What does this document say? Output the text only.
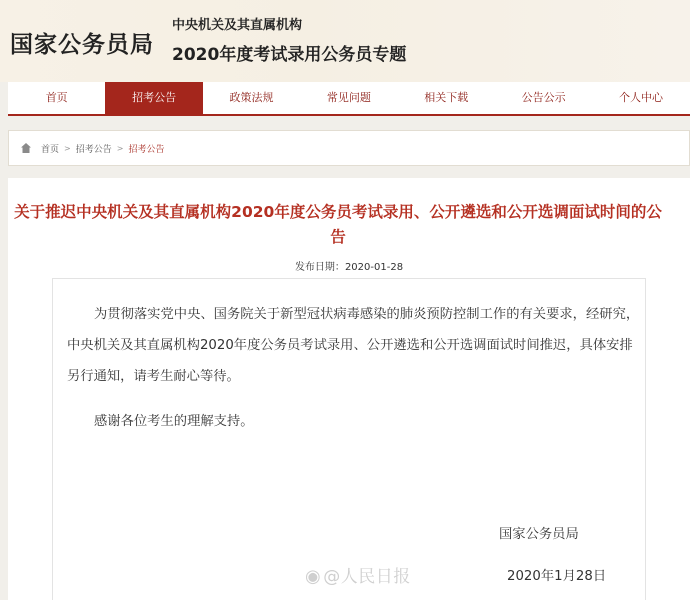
国家公务员局
中央机关及其直属机构
2020年度考试录用公务员专题
首页	招考公告	政策法规	常见问题	相关下载	公告公示	个人中心
首页 > 招考公告 > 招考公告
关于推迟中央机关及其直属机构2020年度公务员考试录用、公开遴选和公开选调面试时间的公告
发布日期：2020-01-28

为贯彻落实党中央、国务院关于新型冠状病毒感染的肺炎预防控制工作的有关要求，经研究，中央机关及其直属机构2020年度公务员考试录用、公开遴选和公开选调面试时间推迟，具体安排另行通知，请考生耐心等待。

感谢各位考生的理解支持。

国家公务员局
2020年1月28日
◉ @人民日报
